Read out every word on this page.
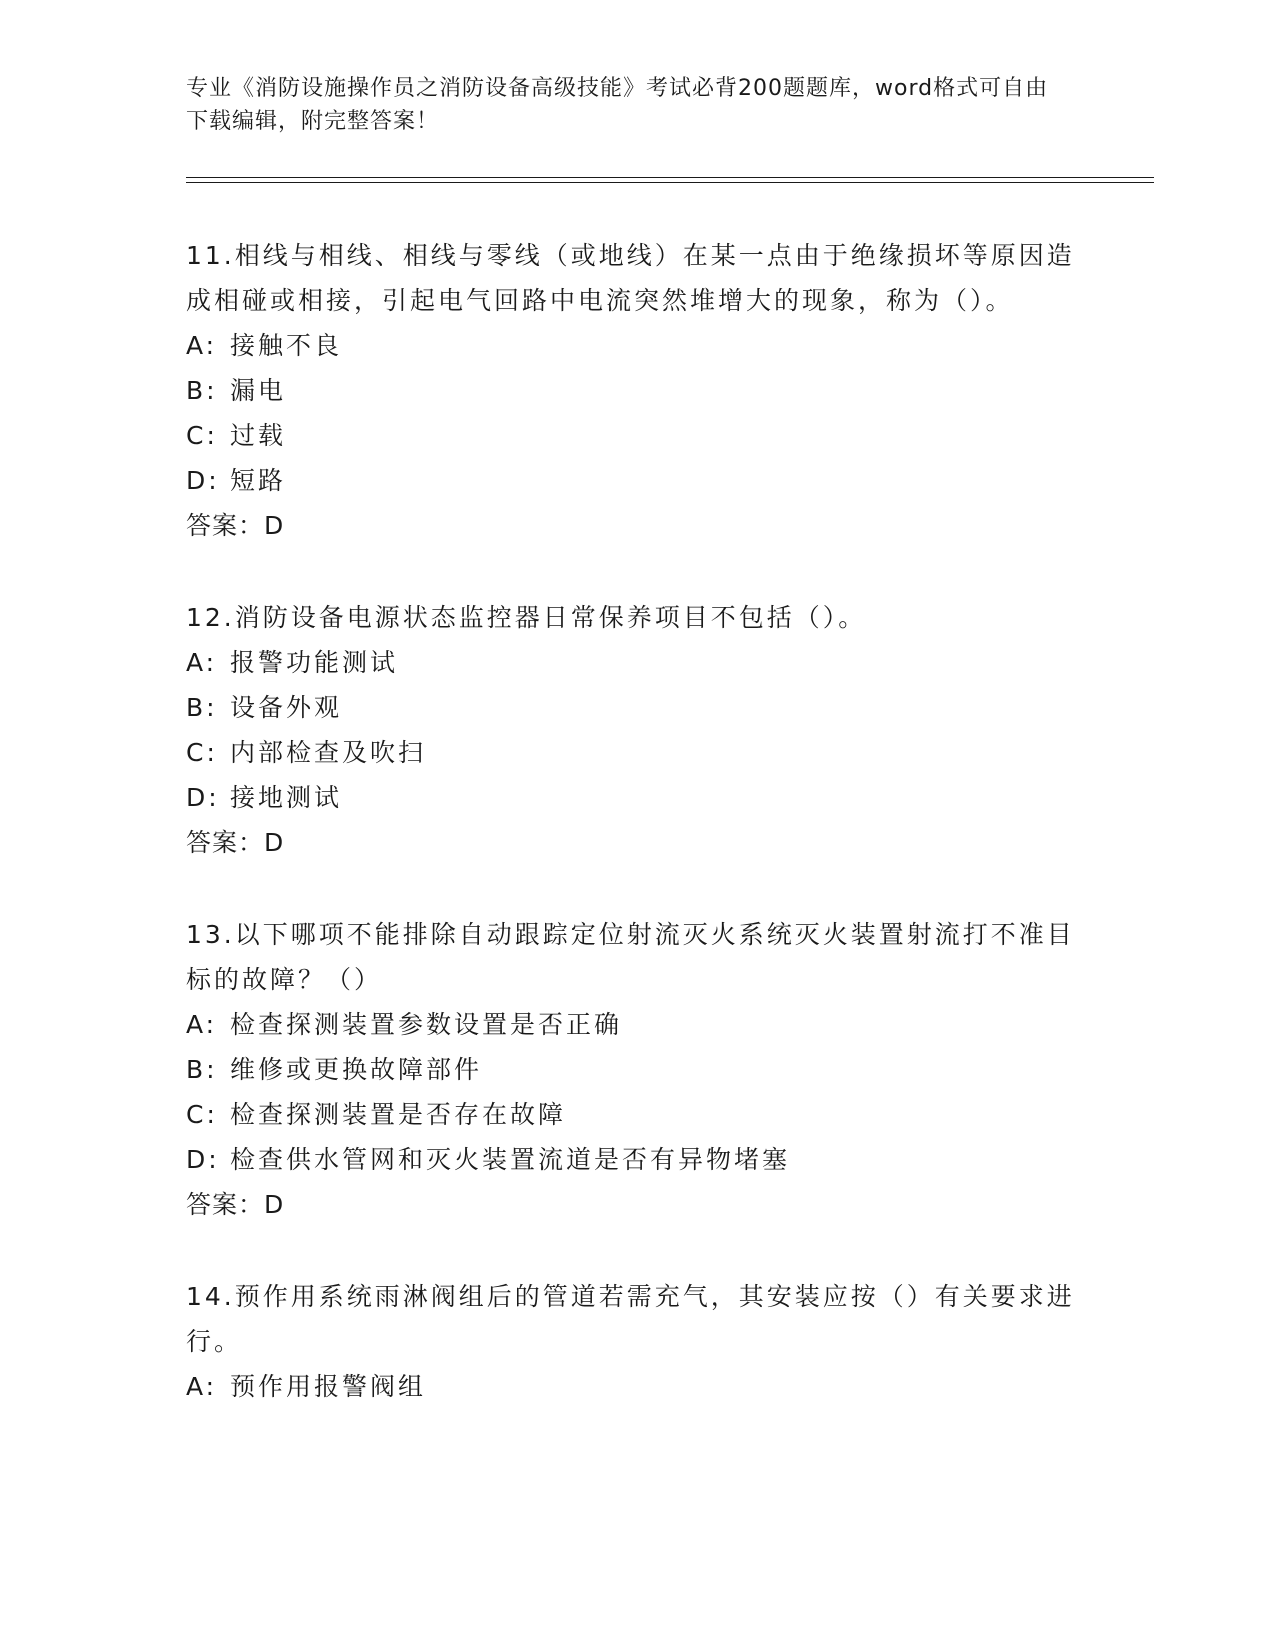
专业《消防设施操作员之消防设备高级技能》考试必背200题题库，word格式可自由下载编辑，附完整答案！

11.相线与相线、相线与零线（或地线）在某一点由于绝缘损坏等原因造成相碰或相接，引起电气回路中电流突然堆增大的现象，称为（）。

A: 接触不良
B: 漏电
C: 过载
D: 短路
答案：D

12.消防设备电源状态监控器日常保养项目不包括（）。

A: 报警功能测试
B: 设备外观
C: 内部检查及吹扫
D: 接地测试
答案：D

13.以下哪项不能排除自动跟踪定位射流灭火系统灭火装置射流打不准目标的故障？（）

A: 检查探测装置参数设置是否正确
B: 维修或更换故障部件
C: 检查探测装置是否存在故障
D: 检查供水管网和灭火装置流道是否有异物堵塞
答案：D

14.预作用系统雨淋阀组后的管道若需充气，其安装应按（）有关要求进行。

A: 预作用报警阀组
